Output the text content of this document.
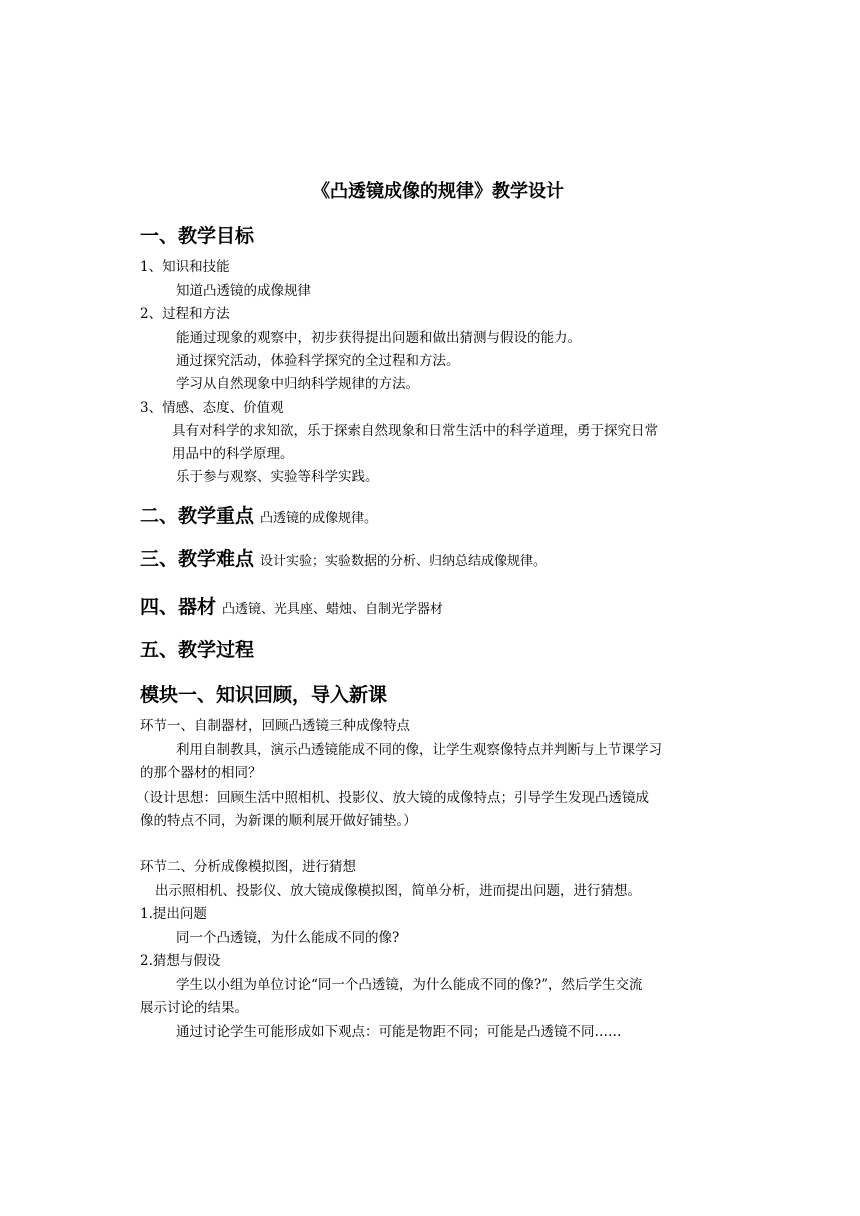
《凸透镜成像的规律》教学设计
一、教学目标
1、知识和技能
知道凸透镜的成像规律
2、过程和方法
能通过现象的观察中，初步获得提出问题和做出猜测与假设的能力。
通过探究活动，体验科学探究的全过程和方法。
学习从自然现象中归纳科学规律的方法。
3、情感、态度、价值观
具有对科学的求知欲，乐于探索自然现象和日常生活中的科学道理，勇于探究日常
用品中的科学原理。
乐于参与观察、实验等科学实践。
二、教学重点 凸透镜的成像规律。
三、教学难点 设计实验；实验数据的分析、归纳总结成像规律。
四、器材 凸透镜、光具座、蜡烛、自制光学器材
五、教学过程
模块一、知识回顾，导入新课
环节一、自制器材，回顾凸透镜三种成像特点
利用自制教具，演示凸透镜能成不同的像，让学生观察像特点并判断与上节课学习
的那个器材的相同？
（设计思想：回顾生活中照相机、投影仪、放大镜的成像特点；引导学生发现凸透镜成
像的特点不同，为新课的顺利展开做好铺垫。）
环节二、分析成像模拟图，进行猜想
出示照相机、投影仪、放大镜成像模拟图，简单分析，进而提出问题，进行猜想。
1.提出问题
同一个凸透镜，为什么能成不同的像?
2.猜想与假设
学生以小组为单位讨论“同一个凸透镜，为什么能成不同的像?”，然后学生交流
展示讨论的结果。
通过讨论学生可能形成如下观点：可能是物距不同；可能是凸透镜不同……
